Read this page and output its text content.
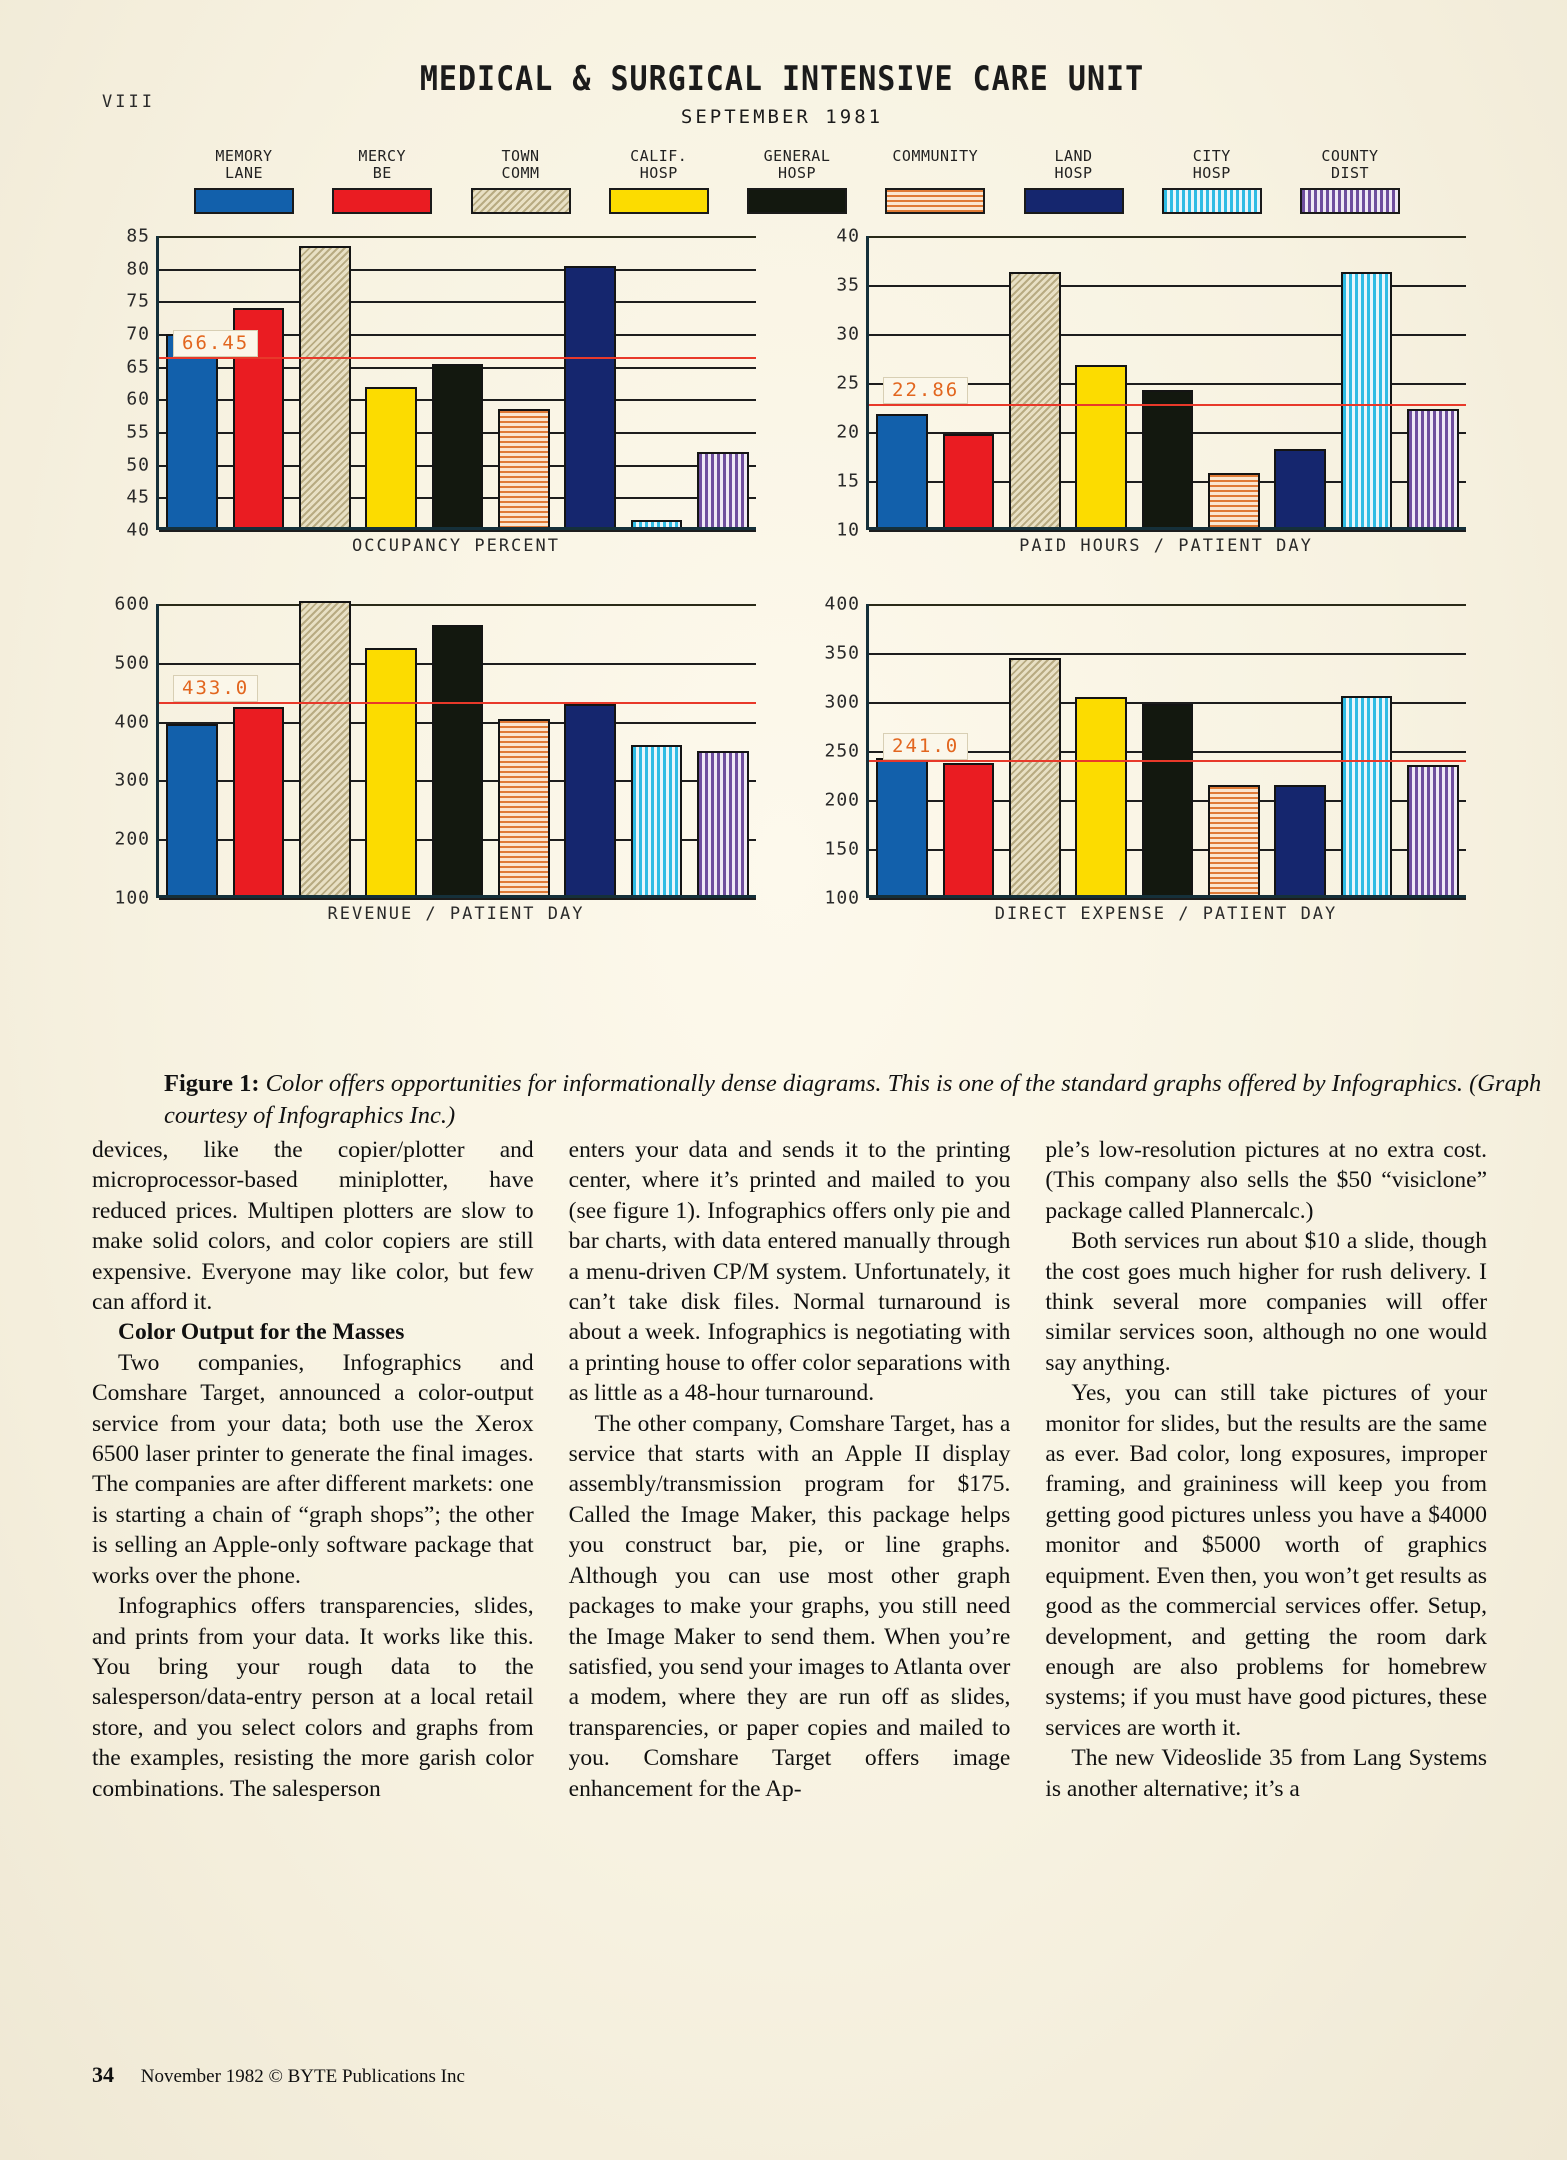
VIII
MEDICAL & SURGICAL INTENSIVE CARE UNIT
SEPTEMBER 1981
MEMORY
LANE
MERCY
BE
TOWN
COMM
CALIF.
HOSP
GENERAL
HOSP
COMMUNITY
	LAND
HOSP
CITY
HOSP
COUNTY
DIST
85
80
75
70
65
60
55
50
45
40
66.45
OCCUPANCY PERCENT
40
35
30
25
20
15
10
22.86
PAID HOURS / PATIENT DAY
600
500
400
300
200
100
433.0
REVENUE / PATIENT DAY
400
350
300
250
200
150
100
241.0
DIRECT EXPENSE / PATIENT DAY
Figure 1: Color offers opportunities for informationally dense diagrams. This is one of the standard graphs offered by Infographics. (Graph courtesy of Infographics Inc.)

devices, like the copier/plotter and microprocessor-based miniplotter, have reduced prices. Multipen plotters are slow to make solid colors, and color copiers are still expensive. Everyone may like color, but few can afford it.

Color Output for the Masses

Two companies, Infographics and Comshare Target, announced a color-output service from your data; both use the Xerox 6500 laser printer to generate the final images. The companies are after different markets: one is starting a chain of “graph shops”; the other is selling an Apple-only software package that works over the phone.

Infographics offers transparencies, slides, and prints from your data. It works like this. You bring your rough data to the salesperson/data-entry person at a local retail store, and you select colors and graphs from the examples, resisting the more garish color combinations. The salesperson

enters your data and sends it to the printing center, where it’s printed and mailed to you (see figure 1). Infographics offers only pie and bar charts, with data entered manually through a menu-driven CP/M system. Unfortunately, it can’t take disk files. Normal turnaround is about a week. Infographics is negotiating with a printing house to offer color separations with as little as a 48-hour turnaround.

The other company, Comshare Target, has a service that starts with an Apple II display assembly/transmission program for $175. Called the Image Maker, this package helps you construct bar, pie, or line graphs. Although you can use most other graph packages to make your graphs, you still need the Image Maker to send them. When you’re satisfied, you send your images to Atlanta over a modem, where they are run off as slides, transparencies, or paper copies and mailed to you. Comshare Target offers image enhancement for the Ap-

ple’s low-resolution pictures at no extra cost. (This company also sells the $50 “visiclone” package called Plannercalc.)

Both services run about $10 a slide, though the cost goes much higher for rush delivery. I think several more companies will offer similar services soon, although no one would say anything.

Yes, you can still take pictures of your monitor for slides, but the results are the same as ever. Bad color, long exposures, improper framing, and graininess will keep you from getting good pictures unless you have a $4000 monitor and $5000 worth of graphics equipment. Even then, you won’t get results as good as the commercial services offer. Setup, development, and getting the room dark enough are also problems for homebrew systems; if you must have good pictures, these services are worth it.

The new Videoslide 35 from Lang Systems is another alternative; it’s a

34 November 1982 © BYTE Publications Inc
